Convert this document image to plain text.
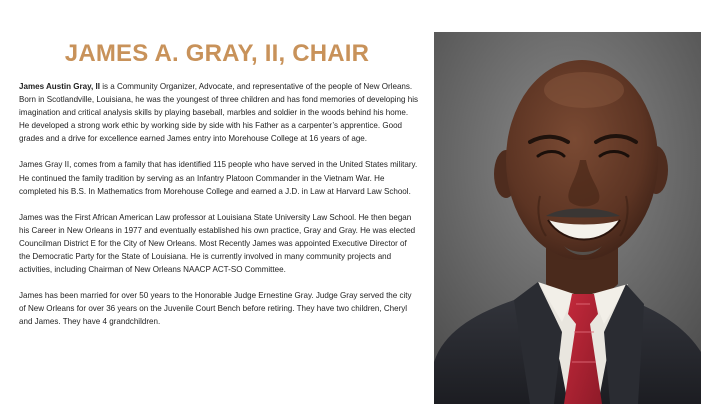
JAMES A. GRAY, II, CHAIR

James Austin Gray, II is a Community Organizer, Advocate, and representative of the people of New Orleans. Born in Scotlandville, Louisiana, he was the youngest of three children and has fond memories of developing his imagination and critical analysis skills by playing baseball, marbles and soldier in the woods behind his home. He developed a strong work ethic by working side by side with his Father as a carpenter’s apprentice. Good grades and a drive for excellence earned James entry into Morehouse College at 16 years of age.

James Gray II, comes from a family that has identified 115 people who have served in the United States military. He continued the family tradition by serving as an Infantry Platoon Commander in the Vietnam War. He completed his B.S. In Mathematics from Morehouse College and earned a J.D. in Law at Harvard Law School.

James was the First African American Law professor at Louisiana State University Law School. He then began his Career in New Orleans in 1977 and eventually established his own practice, Gray and Gray. He was elected Councilman District E for the City of New Orleans. Most Recently James was appointed Executive Director of the Democratic Party for the State of Louisiana. He is currently involved in many community projects and activities, including Chairman of New Orleans NAACP ACT-SO Committee.

James has been married for over 50 years to the Honorable Judge Ernestine Gray. Judge Gray served the city of New Orleans for over 36 years on the Juvenile Court Bench before retiring. They have two children, Cheryl and James. They have 4 grandchildren.
